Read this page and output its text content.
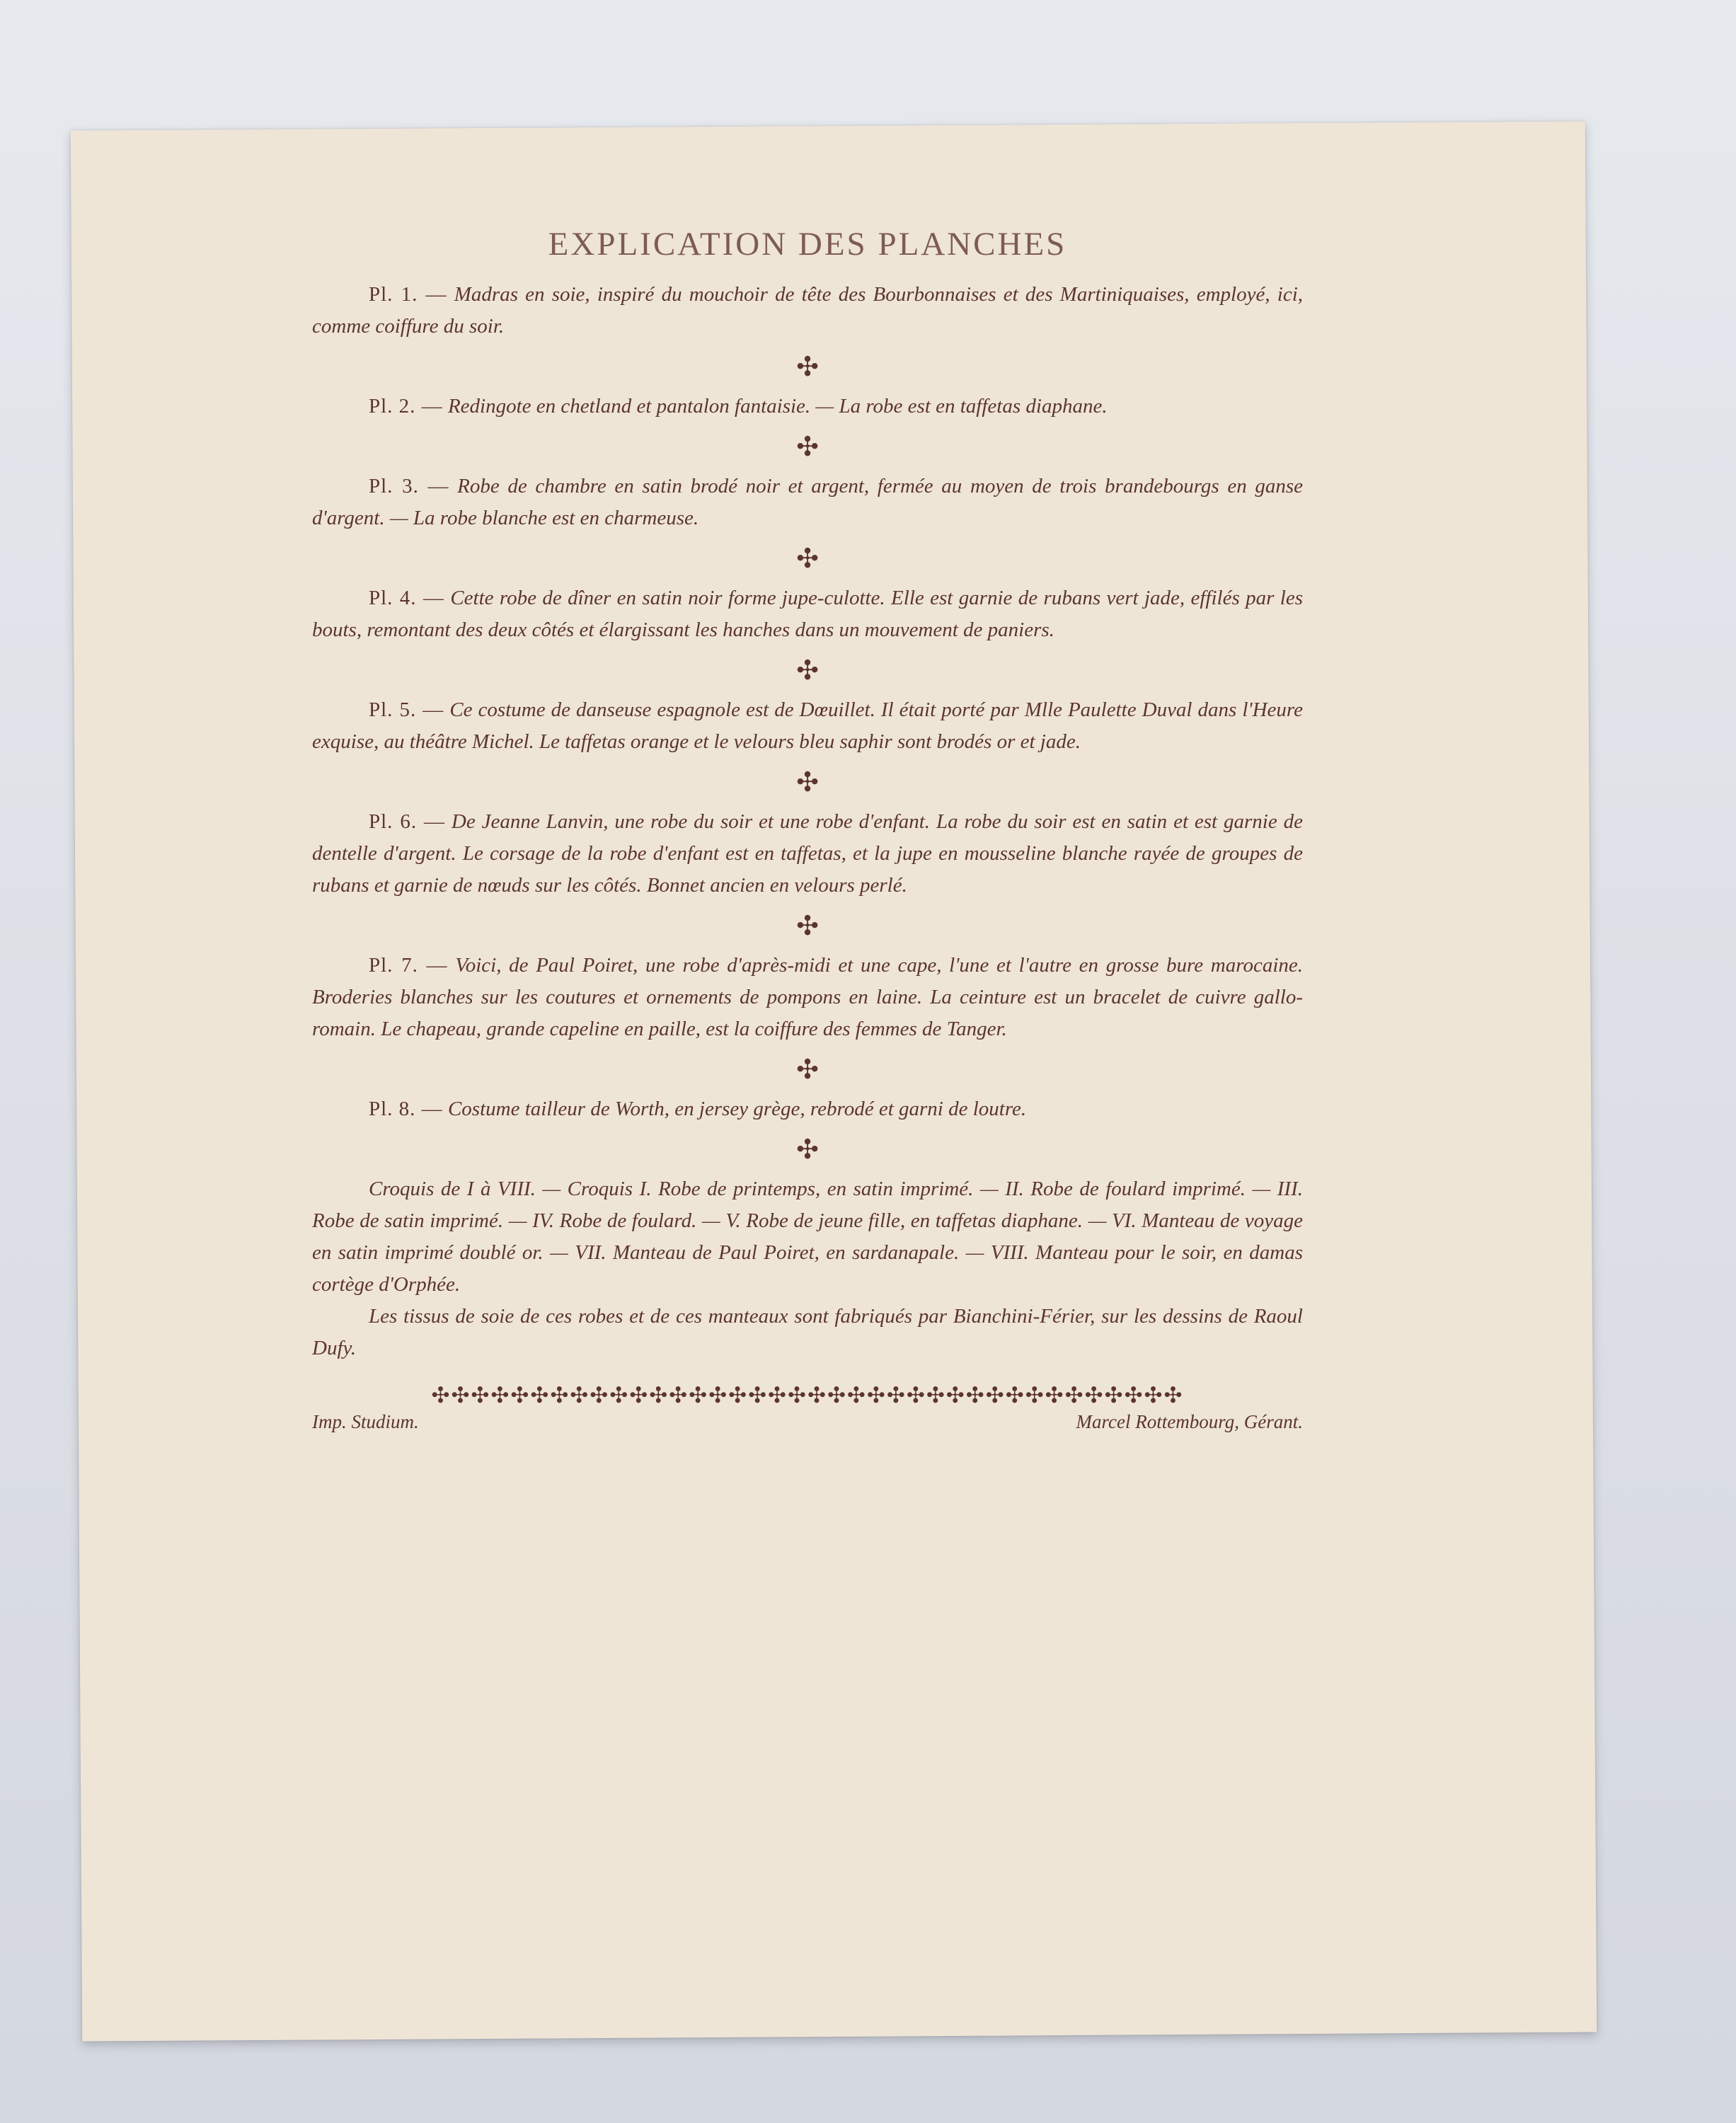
EXPLICATION DES PLANCHES

Pl. 1. — Madras en soie, inspiré du mouchoir de tête des Bourbonnaises et des Martiniquaises, employé, ici, comme coiffure du soir.

✣

Pl. 2. — Redingote en chetland et pantalon fantaisie. — La robe est en taffetas diaphane.

✣

Pl. 3. — Robe de chambre en satin brodé noir et argent, fermée au moyen de trois brandebourgs en ganse d'argent. — La robe blanche est en charmeuse.

✣

Pl. 4. — Cette robe de dîner en satin noir forme jupe-culotte. Elle est garnie de rubans vert jade, effilés par les bouts, remontant des deux côtés et élargissant les hanches dans un mouvement de paniers.

✣

Pl. 5. — Ce costume de danseuse espagnole est de Dœuillet. Il était porté par Mlle Paulette Duval dans l'Heure exquise, au théâtre Michel. Le taffetas orange et le velours bleu saphir sont brodés or et jade.

✣

Pl. 6. — De Jeanne Lanvin, une robe du soir et une robe d'enfant. La robe du soir est en satin et est garnie de dentelle d'argent. Le corsage de la robe d'enfant est en taffetas, et la jupe en mousseline blanche rayée de groupes de rubans et garnie de nœuds sur les côtés. Bonnet ancien en velours perlé.

✣

Pl. 7. — Voici, de Paul Poiret, une robe d'après-midi et une cape, l'une et l'autre en grosse bure marocaine. Broderies blanches sur les coutures et ornements de pompons en laine. La ceinture est un bracelet de cuivre gallo-romain. Le chapeau, grande capeline en paille, est la coiffure des femmes de Tanger.

✣

Pl. 8. — Costume tailleur de Worth, en jersey grège, rebrodé et garni de loutre.

✣

Croquis de I à VIII. — Croquis I. Robe de printemps, en satin imprimé. — II. Robe de foulard imprimé. — III. Robe de satin imprimé. — IV. Robe de foulard. — V. Robe de jeune fille, en taffetas diaphane. — VI. Manteau de voyage en satin imprimé doublé or. — VII. Manteau de Paul Poiret, en sardanapale. — VIII. Manteau pour le soir, en damas cortège d'Orphée.

Les tissus de soie de ces robes et de ces manteaux sont fabriqués par Bianchini-Férier, sur les dessins de Raoul Dufy.

✣✣✣✣✣✣✣✣✣✣✣✣✣✣✣✣✣✣✣✣✣✣✣✣✣✣✣✣✣✣✣✣✣✣✣✣✣✣
Imp. Studium.	Marcel Rottembourg, Gérant.
